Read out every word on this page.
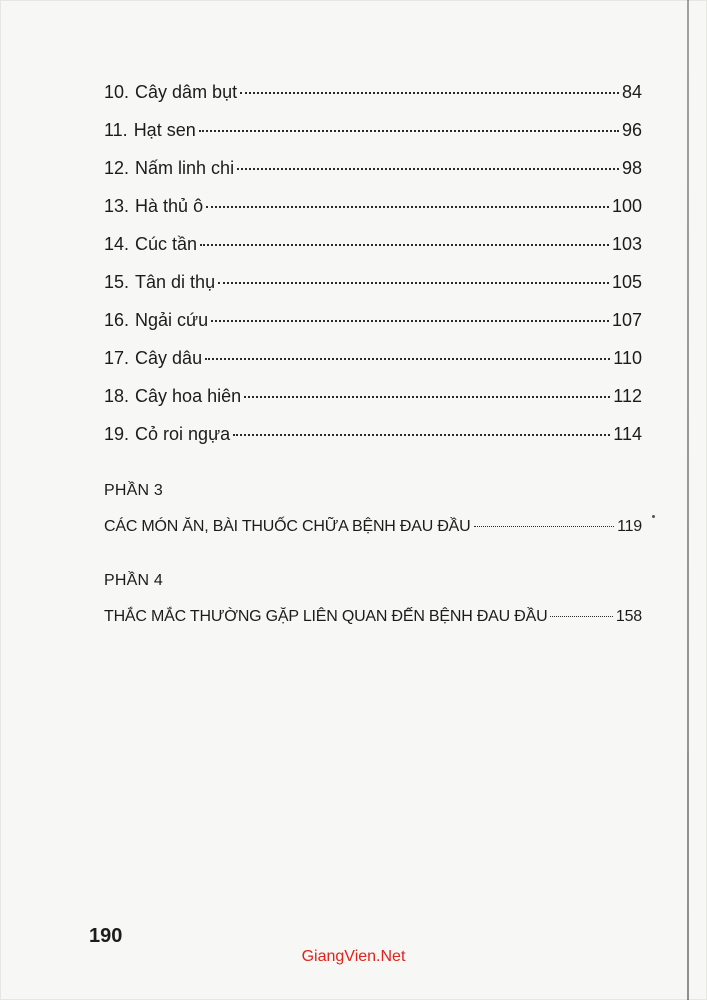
10. Cây dâm bụt	84
11. Hạt sen	96
12. Nấm linh chi	98
13. Hà thủ ô	100
14. Cúc tần	103
15. Tân di thụ	105
16. Ngải cứu	107
17. Cây dâu	110
18. Cây hoa hiên	112
19. Cỏ roi ngựa	114
PHẦN 3
CÁC MÓN ĂN, BÀI THUỐC CHỮA BỆNH ĐAU ĐẦU	119
PHẦN 4
THẮC MẮC THƯỜNG GẶP LIÊN QUAN ĐẾN BỆNH ĐAU ĐẦU	158
190
GiangVien.Net
